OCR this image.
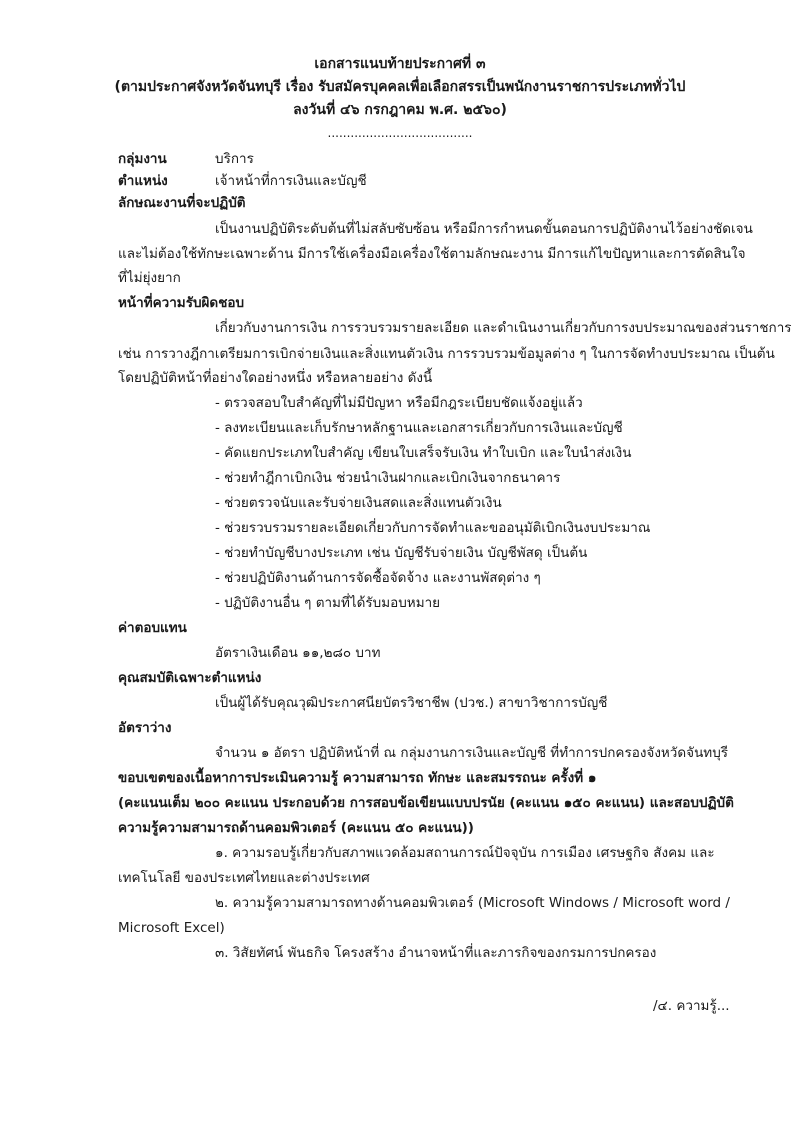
เอกสารแนบท้ายประกาศที่ ๓
(ตามประกาศจังหวัดจันทบุรี เรื่อง รับสมัครบุคคลเพื่อเลือกสรรเป็นพนักงานราชการประเภททั่วไป
ลงวันที่ ๔๖ กรกฎาคม พ.ศ. ๒๕๖๐)
......................................
กลุ่มงาน	บริการ
ตำแหน่ง	เจ้าหน้าที่การเงินและบัญชี
ลักษณะงานที่จะปฏิบัติ
เป็นงานปฏิบัติระดับต้นที่ไม่สลับซับซ้อน หรือมีการกำหนดขั้นตอนการปฏิบัติงานไว้อย่างชัดเจน
และไม่ต้องใช้ทักษะเฉพาะด้าน มีการใช้เครื่องมือเครื่องใช้ตามลักษณะงาน มีการแก้ไขปัญหาและการตัดสินใจ
ที่ไม่ยุ่งยาก
หน้าที่ความรับผิดชอบ
เกี่ยวกับงานการเงิน การรวบรวมรายละเอียด และดำเนินงานเกี่ยวกับการงบประมาณของส่วนราชการ
เช่น การวางฎีกาเตรียมการเบิกจ่ายเงินและสิ่งแทนตัวเงิน การรวบรวมข้อมูลต่าง ๆ ในการจัดทำงบประมาณ เป็นต้น
โดยปฏิบัติหน้าที่อย่างใดอย่างหนึ่ง หรือหลายอย่าง ดังนี้
- ตรวจสอบใบสำคัญที่ไม่มีปัญหา หรือมีกฎระเบียบชัดแจ้งอยู่แล้ว
- ลงทะเบียนและเก็บรักษาหลักฐานและเอกสารเกี่ยวกับการเงินและบัญชี
- คัดแยกประเภทใบสำคัญ เขียนใบเสร็จรับเงิน ทำใบเบิก และใบนำส่งเงิน
- ช่วยทำฎีกาเบิกเงิน ช่วยนำเงินฝากและเบิกเงินจากธนาคาร
- ช่วยตรวจนับและรับจ่ายเงินสดและสิ่งแทนตัวเงิน
- ช่วยรวบรวมรายละเอียดเกี่ยวกับการจัดทำและขออนุมัติเบิกเงินงบประมาณ
- ช่วยทำบัญชีบางประเภท เช่น บัญชีรับจ่ายเงิน บัญชีพัสดุ เป็นต้น
- ช่วยปฏิบัติงานด้านการจัดซื้อจัดจ้าง และงานพัสดุต่าง ๆ
- ปฏิบัติงานอื่น ๆ ตามที่ได้รับมอบหมาย
ค่าตอบแทน
อัตราเงินเดือน ๑๑,๒๘๐ บาท
คุณสมบัติเฉพาะตำแหน่ง
เป็นผู้ได้รับคุณวุฒิประกาศนียบัตรวิชาชีพ (ปวช.) สาขาวิชาการบัญชี
อัตราว่าง
จำนวน ๑ อัตรา ปฏิบัติหน้าที่ ณ กลุ่มงานการเงินและบัญชี ที่ทำการปกครองจังหวัดจันทบุรี
ขอบเขตของเนื้อหาการประเมินความรู้ ความสามารถ ทักษะ และสมรรถนะ ครั้งที่ ๑
(คะแนนเต็ม ๒๐๐ คะแนน ประกอบด้วย การสอบข้อเขียนแบบปรนัย (คะแนน ๑๕๐ คะแนน) และสอบปฏิบัติ
ความรู้ความสามารถด้านคอมพิวเตอร์ (คะแนน ๕๐ คะแนน))
๑. ความรอบรู้เกี่ยวกับสภาพแวดล้อมสถานการณ์ปัจจุบัน การเมือง เศรษฐกิจ สังคม และ
เทคโนโลยี ของประเทศไทยและต่างประเทศ
๒. ความรู้ความสามารถทางด้านคอมพิวเตอร์ (Microsoft Windows / Microsoft word /
Microsoft Excel)
๓. วิสัยทัศน์ พันธกิจ โครงสร้าง อำนาจหน้าที่และภารกิจของกรมการปกครอง
/๔. ความรู้...
